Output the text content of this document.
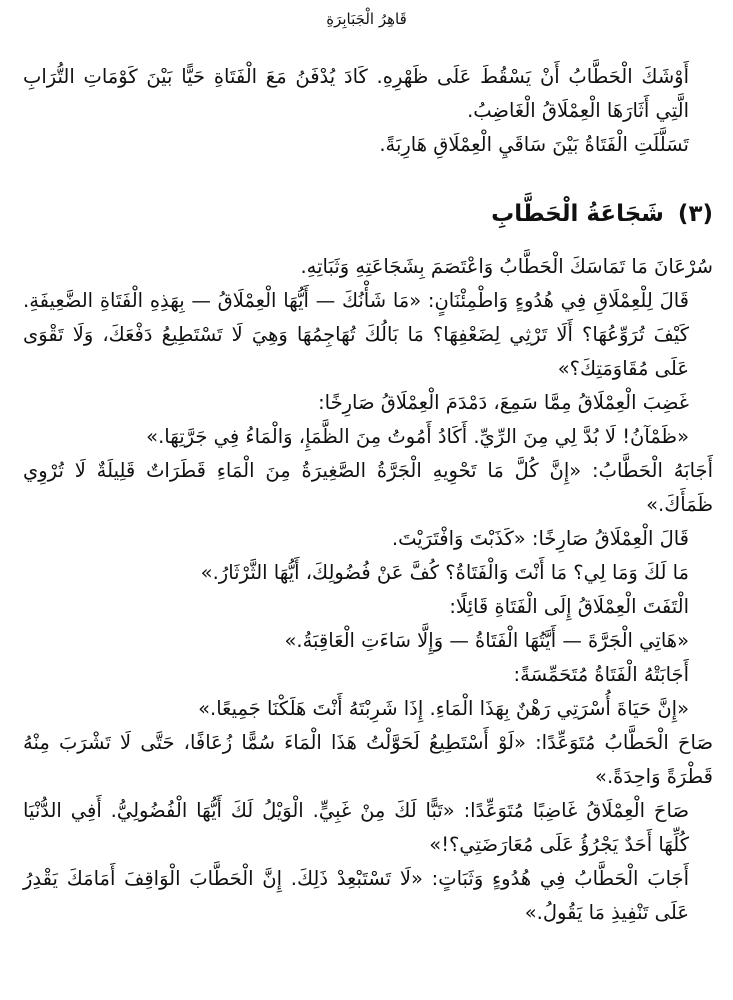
قَاهِرُ الْجَبَابِرَةِ

أَوْشَكَ الْحَطَّابُ أَنْ يَسْقُطَ عَلَى ظَهْرِهِ. كَادَ يُدْفَنُ مَعَ الْفَتَاةِ حَيًّا بَيْنَ كَوْمَاتِ التُّرَابِ الَّتِي أَثَارَهَا الْعِمْلَاقُ الْغَاضِبُ.

تَسَلَّلَتِ الْفَتَاةُ بَيْنَ سَاقَيِ الْعِمْلَاقِ هَارِبَةً.

(٣) شَجَاعَةُ الْحَطَّابِ

سُرْعَانَ مَا تَمَاسَكَ الْحَطَّابُ وَاعْتَصَمَ بِشَجَاعَتِهِ وَثَبَاتِهِ.

قَالَ لِلْعِمْلَاقِ فِي هُدُوءٍ وَاطْمِئْنَانٍ: «مَا شَأْنُكَ — أَيُّهَا الْعِمْلَاقُ — بِهَذِهِ الْفَتَاةِ الضَّعِيفَةِ. كَيْفَ تُرَوِّعُهَا؟ أَلَا تَرْثِي لِضَعْفِهَا؟ مَا بَالُكَ تُهَاجِمُهَا وَهِيَ لَا تَسْتَطِيعُ دَفْعَكَ، وَلَا تَقْوَى عَلَى مُقَاوَمَتِكَ؟»

غَضِبَ الْعِمْلَاقُ مِمَّا سَمِعَ، دَمْدَمَ الْعِمْلَاقُ صَارِخًا:

«ظَمْآنُ! لَا بُدَّ لِي مِنَ الرِّيِّ. أَكَادُ أَمُوتُ مِنَ الظَّمَإِ، وَالْمَاءُ فِي جَرَّتِهَا.»

أَجَابَهُ الْحَطَّابُ: «إِنَّ كُلَّ مَا تَحْوِيهِ الْجَرَّةُ الصَّغِيرَةُ مِنَ الْمَاءِ قَطَرَاتٌ قَلِيلَةٌ لَا تُرْوِي ظَمَأَكَ.»

قَالَ الْعِمْلَاقُ صَارِخًا: «كَذَبْتَ وَافْتَرَيْتَ.

مَا لَكَ وَمَا لِي؟ مَا أَنْتَ وَالْفَتَاةُ؟ كُفَّ عَنْ فُضُولِكَ، أَيُّهَا الثَّرْثَارُ.»

الْتَفَتَ الْعِمْلَاقُ إِلَى الْفَتَاةِ قَائِلًا:

«هَاتِي الْجَرَّةَ — أَيَّتُهَا الْفَتَاةُ — وَإِلَّا سَاءَتِ الْعَاقِبَةُ.»

أَجَابَتْهُ الْفَتَاةُ مُتَحَمِّسَةً:

«إِنَّ حَيَاةَ أُسْرَتِي رَهْنٌ بِهَذَا الْمَاءِ. إِذَا شَرِبْتَهُ أَنْتَ هَلَكْنَا جَمِيعًا.»

صَاحَ الْحَطَّابُ مُتَوَعِّدًا: «لَوْ أَسْتَطِيعُ لَحَوَّلْتُ هَذَا الْمَاءَ سُمًّا زُعَافًا، حَتَّى لَا تَشْرَبَ مِنْهُ قَطْرَةً وَاحِدَةً.»

صَاحَ الْعِمْلَاقُ غَاضِبًا مُتَوَعِّدًا: «تَبًّا لَكَ مِنْ غَبِيٍّ. الْوَيْلُ لَكَ أَيُّهَا الْفُضُولِيُّ. أَفِي الدُّنْيَا كُلِّهَا أَحَدٌ يَجْرُؤُ عَلَى مُعَارَضَتِي؟!»

أَجَابَ الْحَطَّابُ فِي هُدُوءٍ وَثَبَاتٍ: «لَا تَسْتَبْعِدْ ذَلِكَ. إِنَّ الْحَطَّابَ الْوَاقِفَ أَمَامَكَ يَقْدِرُ عَلَى تَنْفِيذِ مَا يَقُولُ.»
